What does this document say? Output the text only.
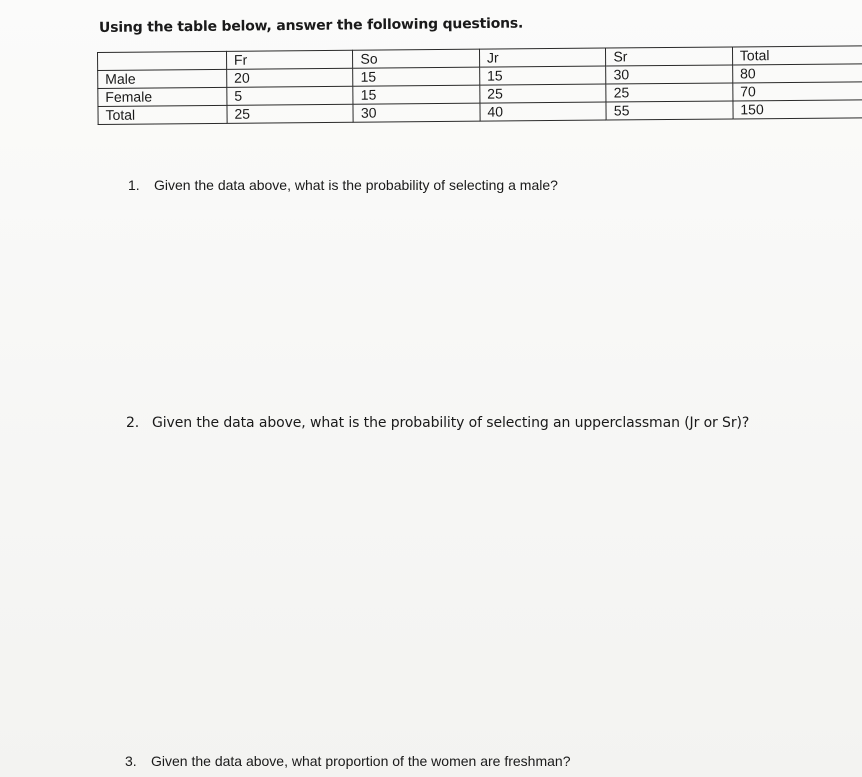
Using the table below, answer the following questions.
	Fr	So	Jr	Sr	Total
Male	20	15	15	30	80
Female	5	15	25	25	70
Total	25	30	40	55	150
1. Given the data above, what is the probability of selecting a male?
2. Given the data above, what is the probability of selecting an upperclassman (Jr or Sr)?
3. Given the data above, what proportion of the women are freshman?
